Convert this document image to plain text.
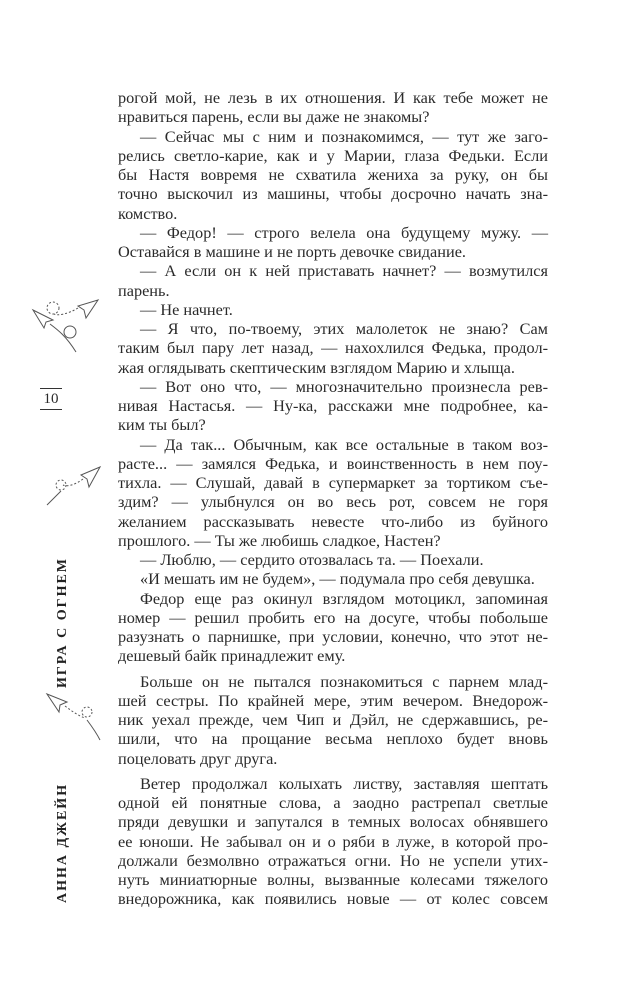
рогой мой, не лезь в их отношения. И как тебе может не
нравиться парень, если вы даже не знакомы?
— Сейчас мы с ним и познакомимся, — тут же заго-
релись светло-карие, как и у Марии, глаза Федьки. Если
бы Настя вовремя не схватила жениха за руку, он бы
точно выскочил из машины, чтобы досрочно начать зна-
комство.
— Федор! — строго велела она будущему мужу. —
Оставайся в машине и не порть девочке свидание.
— А если он к ней приставать начнет? — возмутился
парень.
— Не начнет.
— Я что, по-твоему, этих малолеток не знаю? Сам
таким был пару лет назад, — нахохлился Федька, продол-
жая оглядывать скептическим взглядом Марию и хлыща.
— Вот оно что, — многозначительно произнесла рев-
нивая Настасья. — Ну-ка, расскажи мне подробнее, ка-
ким ты был?
— Да так... Обычным, как все остальные в таком воз-
расте... — замялся Федька, и воинственность в нем поу-
тихла. — Слушай, давай в супермаркет за тортиком съе-
здим? — улыбнулся он во весь рот, совсем не горя
желанием рассказывать невесте что-либо из буйного
прошлого. — Ты же любишь сладкое, Настен?
— Люблю, — сердито отозвалась та. — Поехали.
«И мешать им не будем», — подумала про себя девушка.
Федор еще раз окинул взглядом мотоцикл, запоминая
номер — решил пробить его на досуге, чтобы побольше
разузнать о парнишке, при условии, конечно, что этот не-
дешевый байк принадлежит ему.
Больше он не пытался познакомиться с парнем млад-
шей сестры. По крайней мере, этим вечером. Внедорож-
ник уехал прежде, чем Чип и Дэйл, не сдержавшись, ре-
шили, что на прощание весьма неплохо будет вновь
поцеловать друг друга.
Ветер продолжал колыхать листву, заставляя шептать
одной ей понятные слова, а заодно растрепал светлые
пряди девушки и запутался в темных волосах обнявшего
ее юноши. Не забывал он и о ряби в луже, в которой про-
должали безмолвно отражаться огни. Но не успели утих-
нуть миниатюрные волны, вызванные колесами тяжелого
внедорожника, как появились новые — от колес совсем
10
ИГРА С ОГНЕМ
АННА ДЖЕЙН
